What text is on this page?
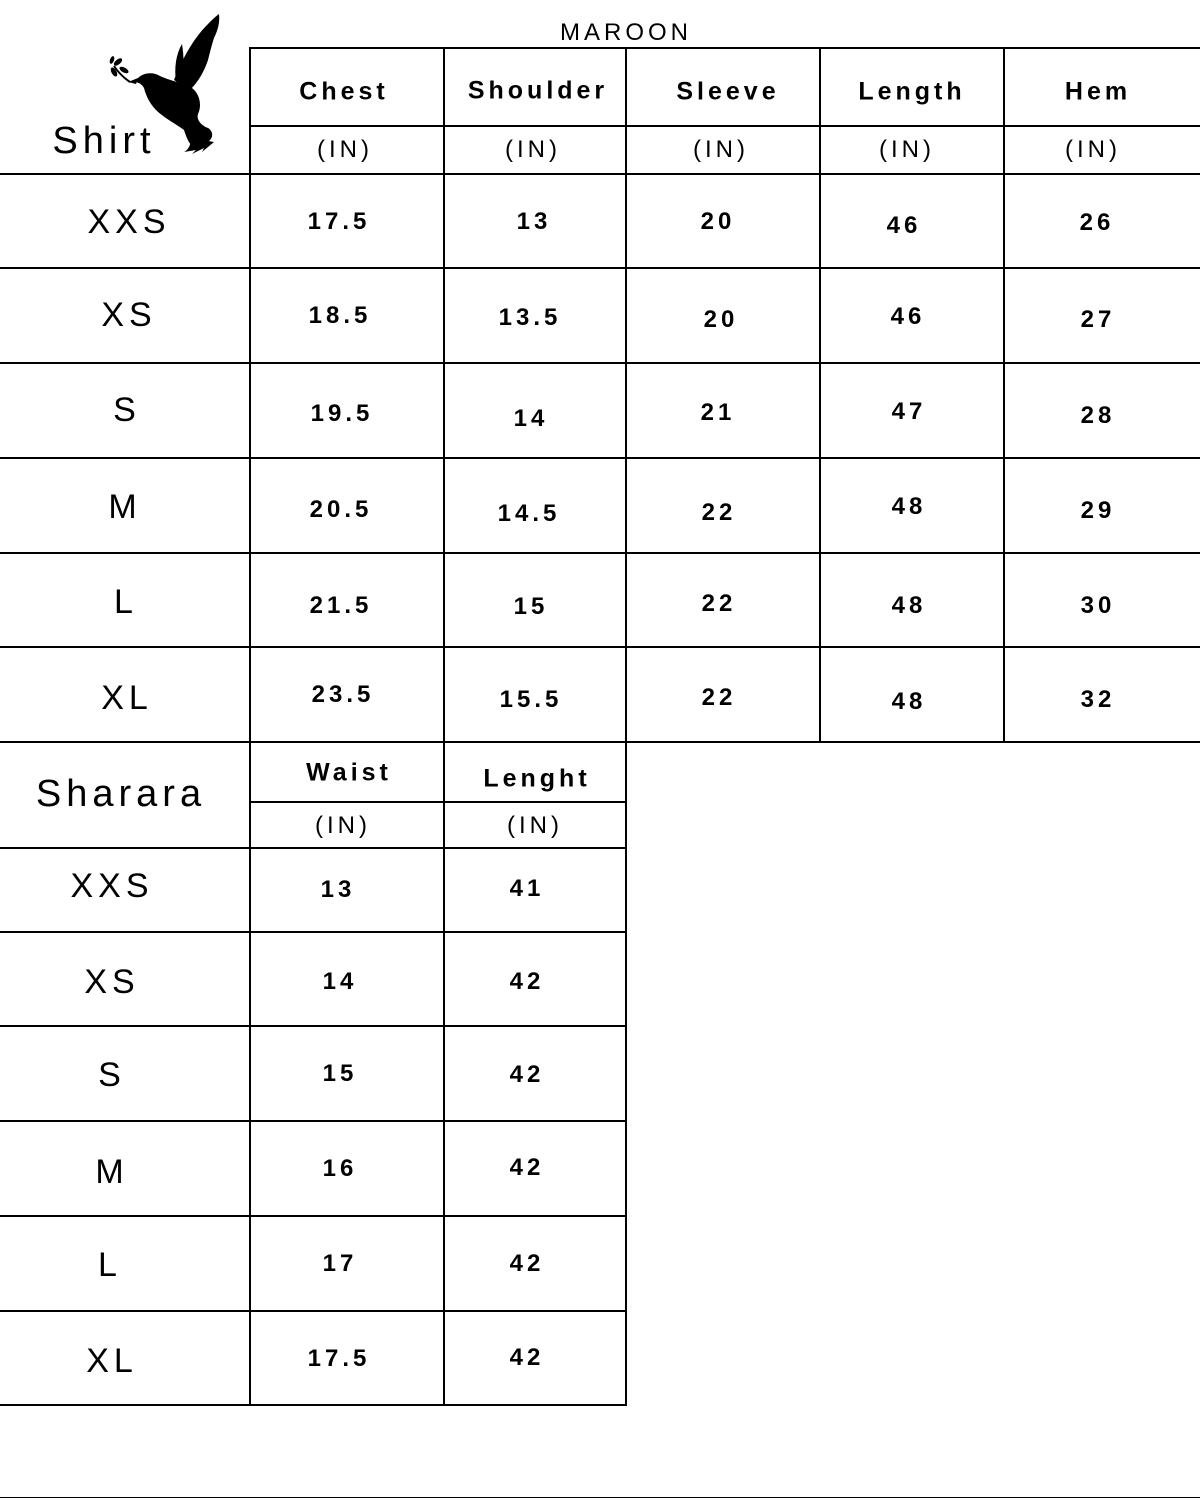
MAROON
Shirt
Chest	Shoulder	Sleeve	Length	Hem
(IN)	(IN)	(IN)	(IN)	(IN)
XXS	17.5	13	20	46	26
XS	18.5	13.5	20	46	27
S	19.5	14	21	47	28
M	20.5	14.5	22	48	29
L	21.5	15	22	48	30
XL	23.5	15.5	22	48	32
Sharara
Waist	Lenght
(IN)	(IN)
XXS	13	41
XS	14	42
S	15	42
M	16	42
L	17	42
XL	17.5	42
